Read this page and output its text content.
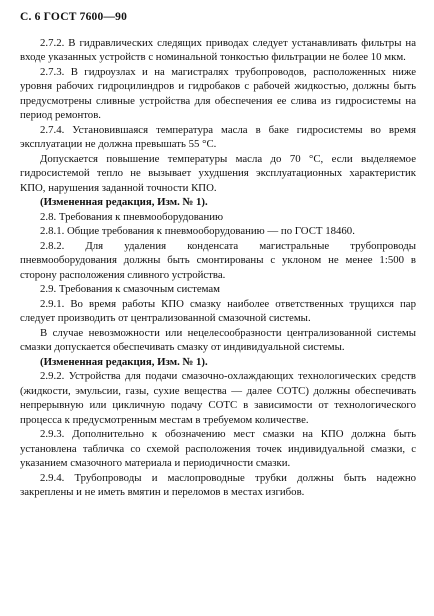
С. 6 ГОСТ 7600—90

2.7.2. В гидравлических следящих приводах следует устанавливать фильтры на входе указанных устройств с номинальной тонкостью фильтрации не более 10 мкм.

2.7.3. В гидроузлах и на магистралях трубопроводов, расположенных ниже уровня рабочих гидроцилиндров и гидробаков с рабочей жидкостью, должны быть предусмотрены сливные устройства для обеспечения ее слива из гидросистемы на период ремонтов.

2.7.4. Установившаяся температура масла в баке гидросистемы во время эксплуатации не должна превышать 55 °С.

Допускается повышение температуры масла до 70 °С, если выделяемое гидросистемой тепло не вызывает ухудшения эксплуатационных характеристик КПО, нарушения заданной точности КПО.

(Измененная редакция, Изм. № 1).

2.8. Требования к пневмооборудованию

2.8.1. Общие требования к пневмооборудованию — по ГОСТ 18460.

2.8.2. Для удаления конденсата магистральные трубопроводы пневмооборудования должны быть смонтированы с уклоном не менее 1:500 в сторону расположения сливного устройства.

2.9. Требования к смазочным системам

2.9.1. Во время работы КПО смазку наиболее ответственных трущихся пар следует производить от централизованной смазочной системы.

В случае невозможности или нецелесообразности централизованной системы смазки допускается обеспечивать смазку от индивидуальной системы.

(Измененная редакция, Изм. № 1).

2.9.2. Устройства для подачи смазочно-охлаждающих технологических средств (жидкости, эмульсии, газы, сухие вещества — далее СОТС) должны обеспечивать непрерывную или цикличную подачу СОТС в зависимости от технологического процесса к предусмотренным местам в требуемом количестве.

2.9.3. Дополнительно к обозначению мест смазки на КПО должна быть установлена табличка со схемой расположения точек индивидуальной смазки, с указанием смазочного материала и периодичности смазки.

2.9.4. Трубопроводы и маслопроводные трубки должны быть надежно закреплены и не иметь вмятин и переломов в местах изгибов.
